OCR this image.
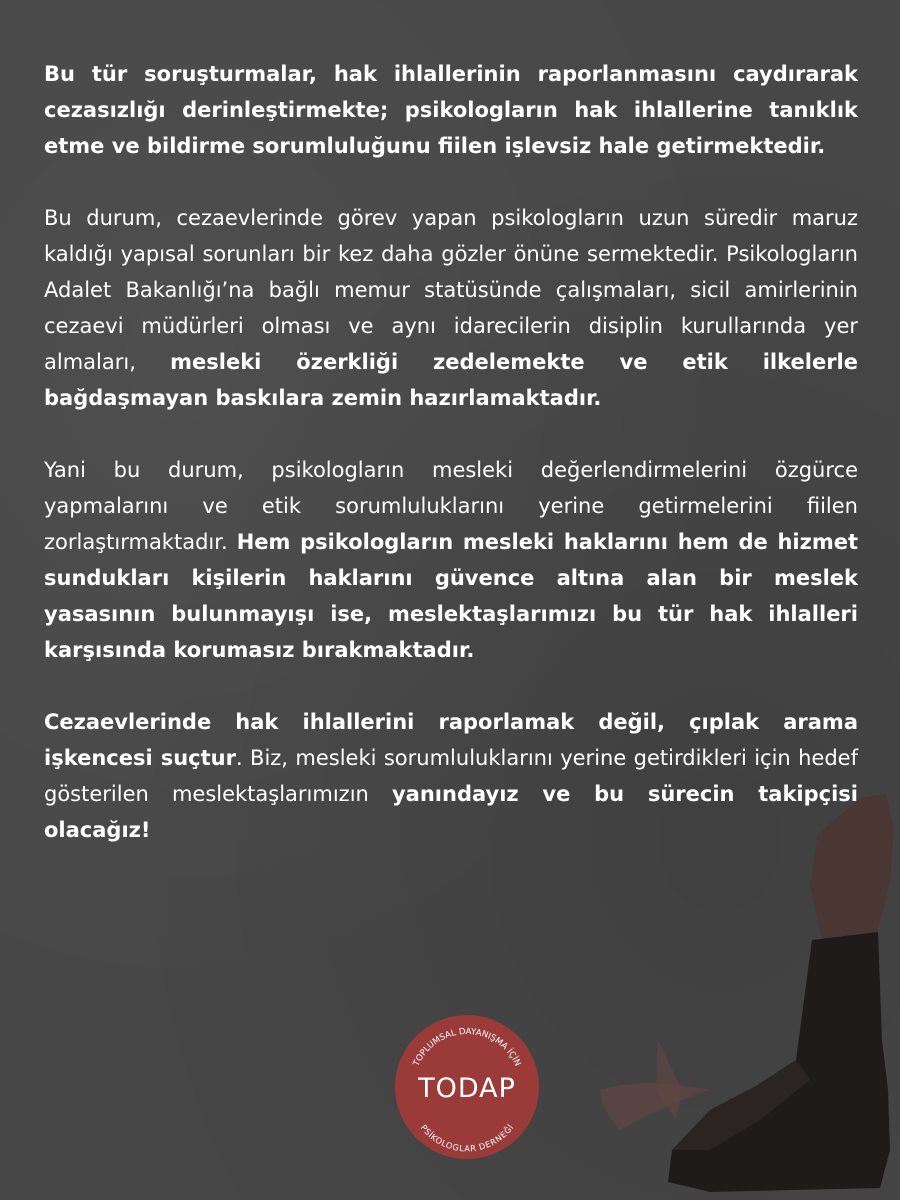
Bu tür soruşturmalar, hak ihlallerinin raporlanmasını caydırarak cezasızlığı derinleştirmekte; psikologların hak ihlallerine tanıklık etme ve bildirme sorumluluğunu fiilen işlevsiz hale getirmektedir.

Bu durum, cezaevlerinde görev yapan psikologların uzun süredir maruz kaldığı yapısal sorunları bir kez daha gözler önüne sermektedir. Psikologların Adalet Bakanlığı’na bağlı memur statüsünde çalışmaları, sicil amirlerinin cezaevi müdürleri olması ve aynı idarecilerin disiplin kurullarında yer almaları, mesleki özerkliği zedelemekte ve etik ilkelerle bağdaşmayan baskılara zemin hazırlamaktadır.

Yani bu durum, psikologların mesleki değerlendirmelerini özgürce yapmalarını ve etik sorumluluklarını yerine getirmelerini fiilen zorlaştırmaktadır. Hem psikologların mesleki haklarını hem de hizmet sundukları kişilerin haklarını güvence altına alan bir meslek yasasının bulunmayışı ise, meslektaşlarımızı bu tür hak ihlalleri karşısında korumasız bırakmaktadır.

Cezaevlerinde hak ihlallerini raporlamak değil, çıplak arama işkencesi suçtur. Biz, mesleki sorumluluklarını yerine getirdikleri için hedef gösterilen meslektaşlarımızın yanındayız ve bu sürecin takipçisi olacağız!

TOPLUMSAL DAYANIŞMA İÇİN
TODAP
PSİKOLOGLAR DERNEĞİ
